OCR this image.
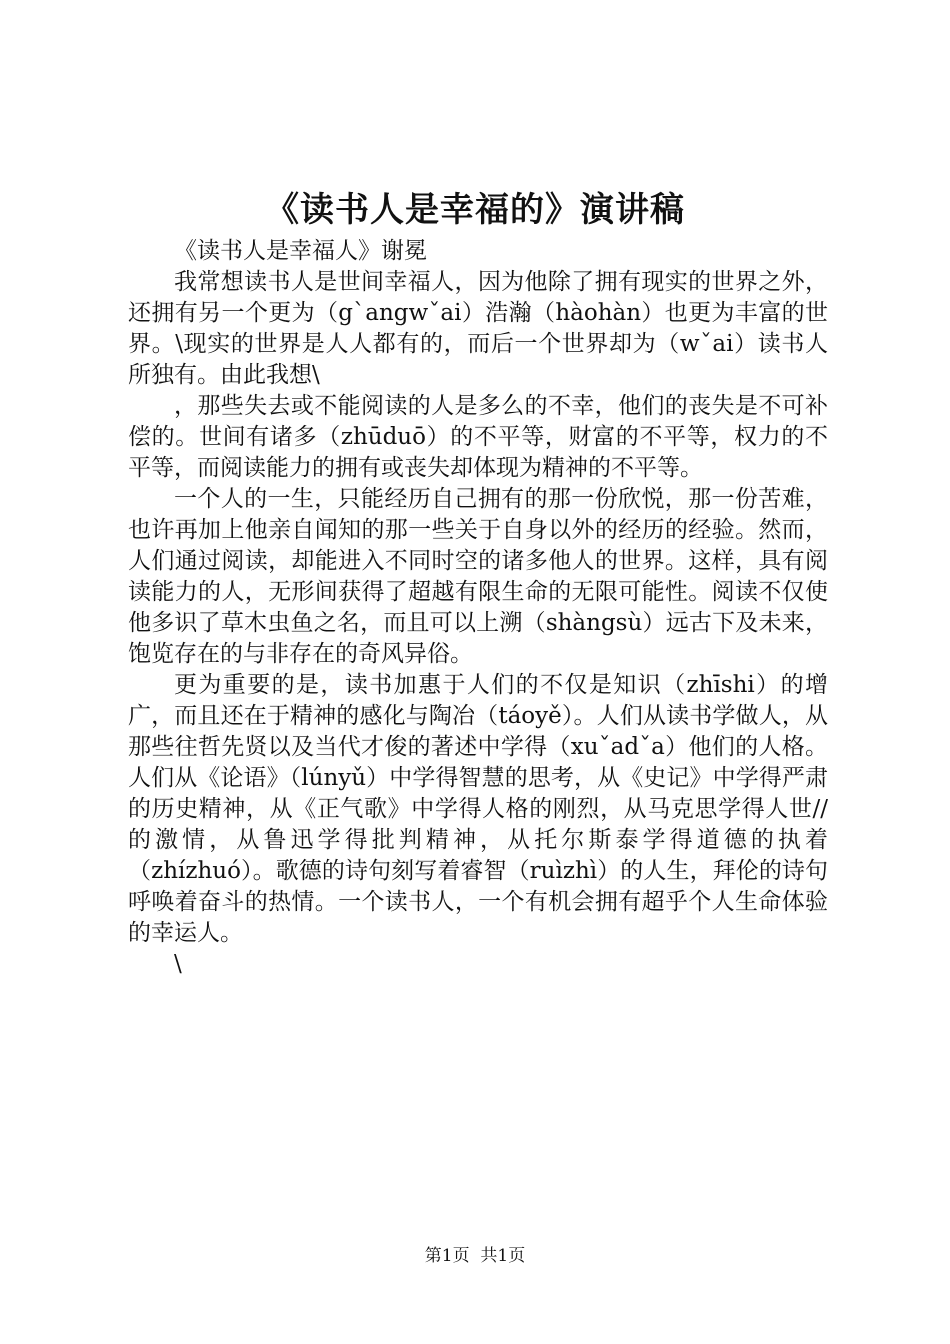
《读书人是幸福的》演讲稿

《读书人是幸福人》谢冕

我常想读书人是世间幸福人，因为他除了拥有现实的世界之外，还拥有另一个更为（gˋangwˇai）浩瀚（hàohàn）也更为丰富的世界。\现实的世界是人人都有的，而后一个世界却为（wˇai）读书人所独有。由此我想\

，那些失去或不能阅读的人是多么的不幸，他们的丧失是不可补偿的。世间有诸多（zhūduō）的不平等，财富的不平等，权力的不平等，而阅读能力的拥有或丧失却体现为精神的不平等。

一个人的一生，只能经历自己拥有的那一份欣悦，那一份苦难，也许再加上他亲自闻知的那一些关于自身以外的经历的经验。然而，人们通过阅读，却能进入不同时空的诸多他人的世界。这样，具有阅读能力的人，无形间获得了超越有限生命的无限可能性。阅读不仅使他多识了草木虫鱼之名，而且可以上溯（shàngsù）远古下及未来，饱览存在的与非存在的奇风异俗。

更为重要的是，读书加惠于人们的不仅是知识（zhīshi）的增广，而且还在于精神的感化与陶冶（táoyě）。人们从读书学做人，从那些往哲先贤以及当代才俊的著述中学得（xuˇadˇa）他们的人格。人们从《论语》（lúnyǔ）中学得智慧的思考，从《史记》中学得严肃的历史精神，从《正气歌》中学得人格的刚烈，从马克思学得人世//的激情，从鲁迅学得批判精神，从托尔斯泰学得道德的执着（zhízhuó）。歌德的诗句刻写着睿智（ruìzhì）的人生，拜伦的诗句呼唤着奋斗的热情。一个读书人，一个有机会拥有超乎个人生命体验的幸运人。

\

第1页  共1页
